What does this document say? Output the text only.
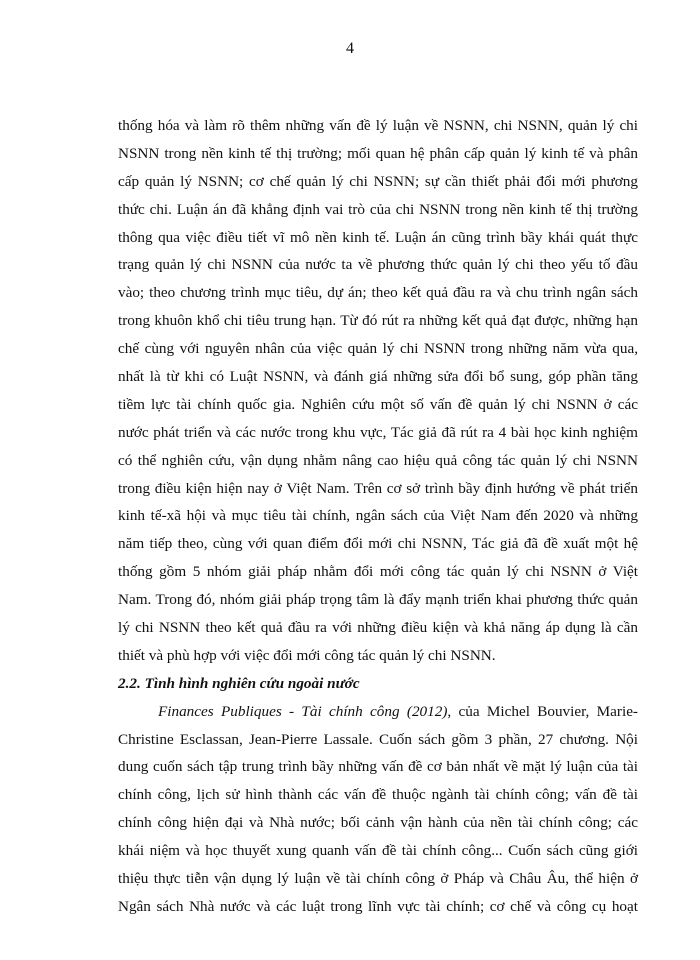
4
thống hóa và làm rõ thêm những vấn đề lý luận về NSNN, chi NSNN, quản lý chi
NSNN trong nền kinh tế thị trường; mối quan hệ phân cấp quản lý kinh tế và phân
cấp quản lý NSNN; cơ chế quản lý chi NSNN; sự cần thiết phải đổi mới phương
thức chi. Luận án đã khẳng định vai trò của chi NSNN trong nền kinh tế thị trường
thông qua việc điều tiết vĩ mô nền kinh tế. Luận án cũng trình bầy khái quát thực
trạng quản lý chi NSNN của nước ta về phương thức quản lý chi theo yếu tố đầu
vào; theo chương trình mục tiêu, dự án; theo kết quả đầu ra và chu trình ngân sách
trong khuôn khổ chi tiêu trung hạn. Từ đó rút ra những kết quả đạt được, những hạn
chế cùng với nguyên nhân của việc quản lý chi NSNN trong những năm vừa qua,
nhất là từ khi có Luật NSNN, và đánh giá những sửa đổi bổ sung, góp phần tăng
tiềm lực tài chính quốc gia. Nghiên cứu một số vấn đề quản lý chi NSNN ở các
nước phát triển và các nước trong khu vực, Tác giả đã rút ra 4 bài học kinh nghiệm
có thể nghiên cứu, vận dụng nhằm nâng cao hiệu quả công tác quản lý chi NSNN
trong điều kiện hiện nay ở Việt Nam. Trên cơ sở trình bầy định hướng về phát triển
kinh tế-xã hội và mục tiêu tài chính, ngân sách của Việt Nam đến 2020 và những
năm tiếp theo, cùng với quan điểm đổi mới chi NSNN, Tác giả đã đề xuất một hệ
thống gồm 5 nhóm giải pháp nhằm đổi mới công tác quản lý chi NSNN ở Việt
Nam. Trong đó, nhóm giải pháp trọng tâm là đẩy mạnh triển khai phương thức quản
lý chi NSNN theo kết quả đầu ra với những điều kiện và khả năng áp dụng là cần
thiết và phù hợp với việc đổi mới công tác quản lý chi NSNN.
2.2. Tình hình nghiên cứu ngoài nước
Finances Publiques - Tài chính công (2012), của Michel Bouvier, Marie-
Christine Esclassan, Jean-Pierre Lassale. Cuốn sách gồm 3 phần, 27 chương. Nội
dung cuốn sách tập trung trình bầy những vấn đề cơ bản nhất về mặt lý luận của tài
chính công, lịch sử hình thành các vấn đề thuộc ngành tài chính công; vấn đề tài
chính công hiện đại và Nhà nước; bối cảnh vận hành của nền tài chính công; các
khái niệm và học thuyết xung quanh vấn đề tài chính công... Cuốn sách cũng giới
thiệu thực tiễn vận dụng lý luận về tài chính công ở Pháp và Châu Âu, thể hiện ở
Ngân sách Nhà nước và các luật trong lĩnh vực tài chính; cơ chế và công cụ hoạt
